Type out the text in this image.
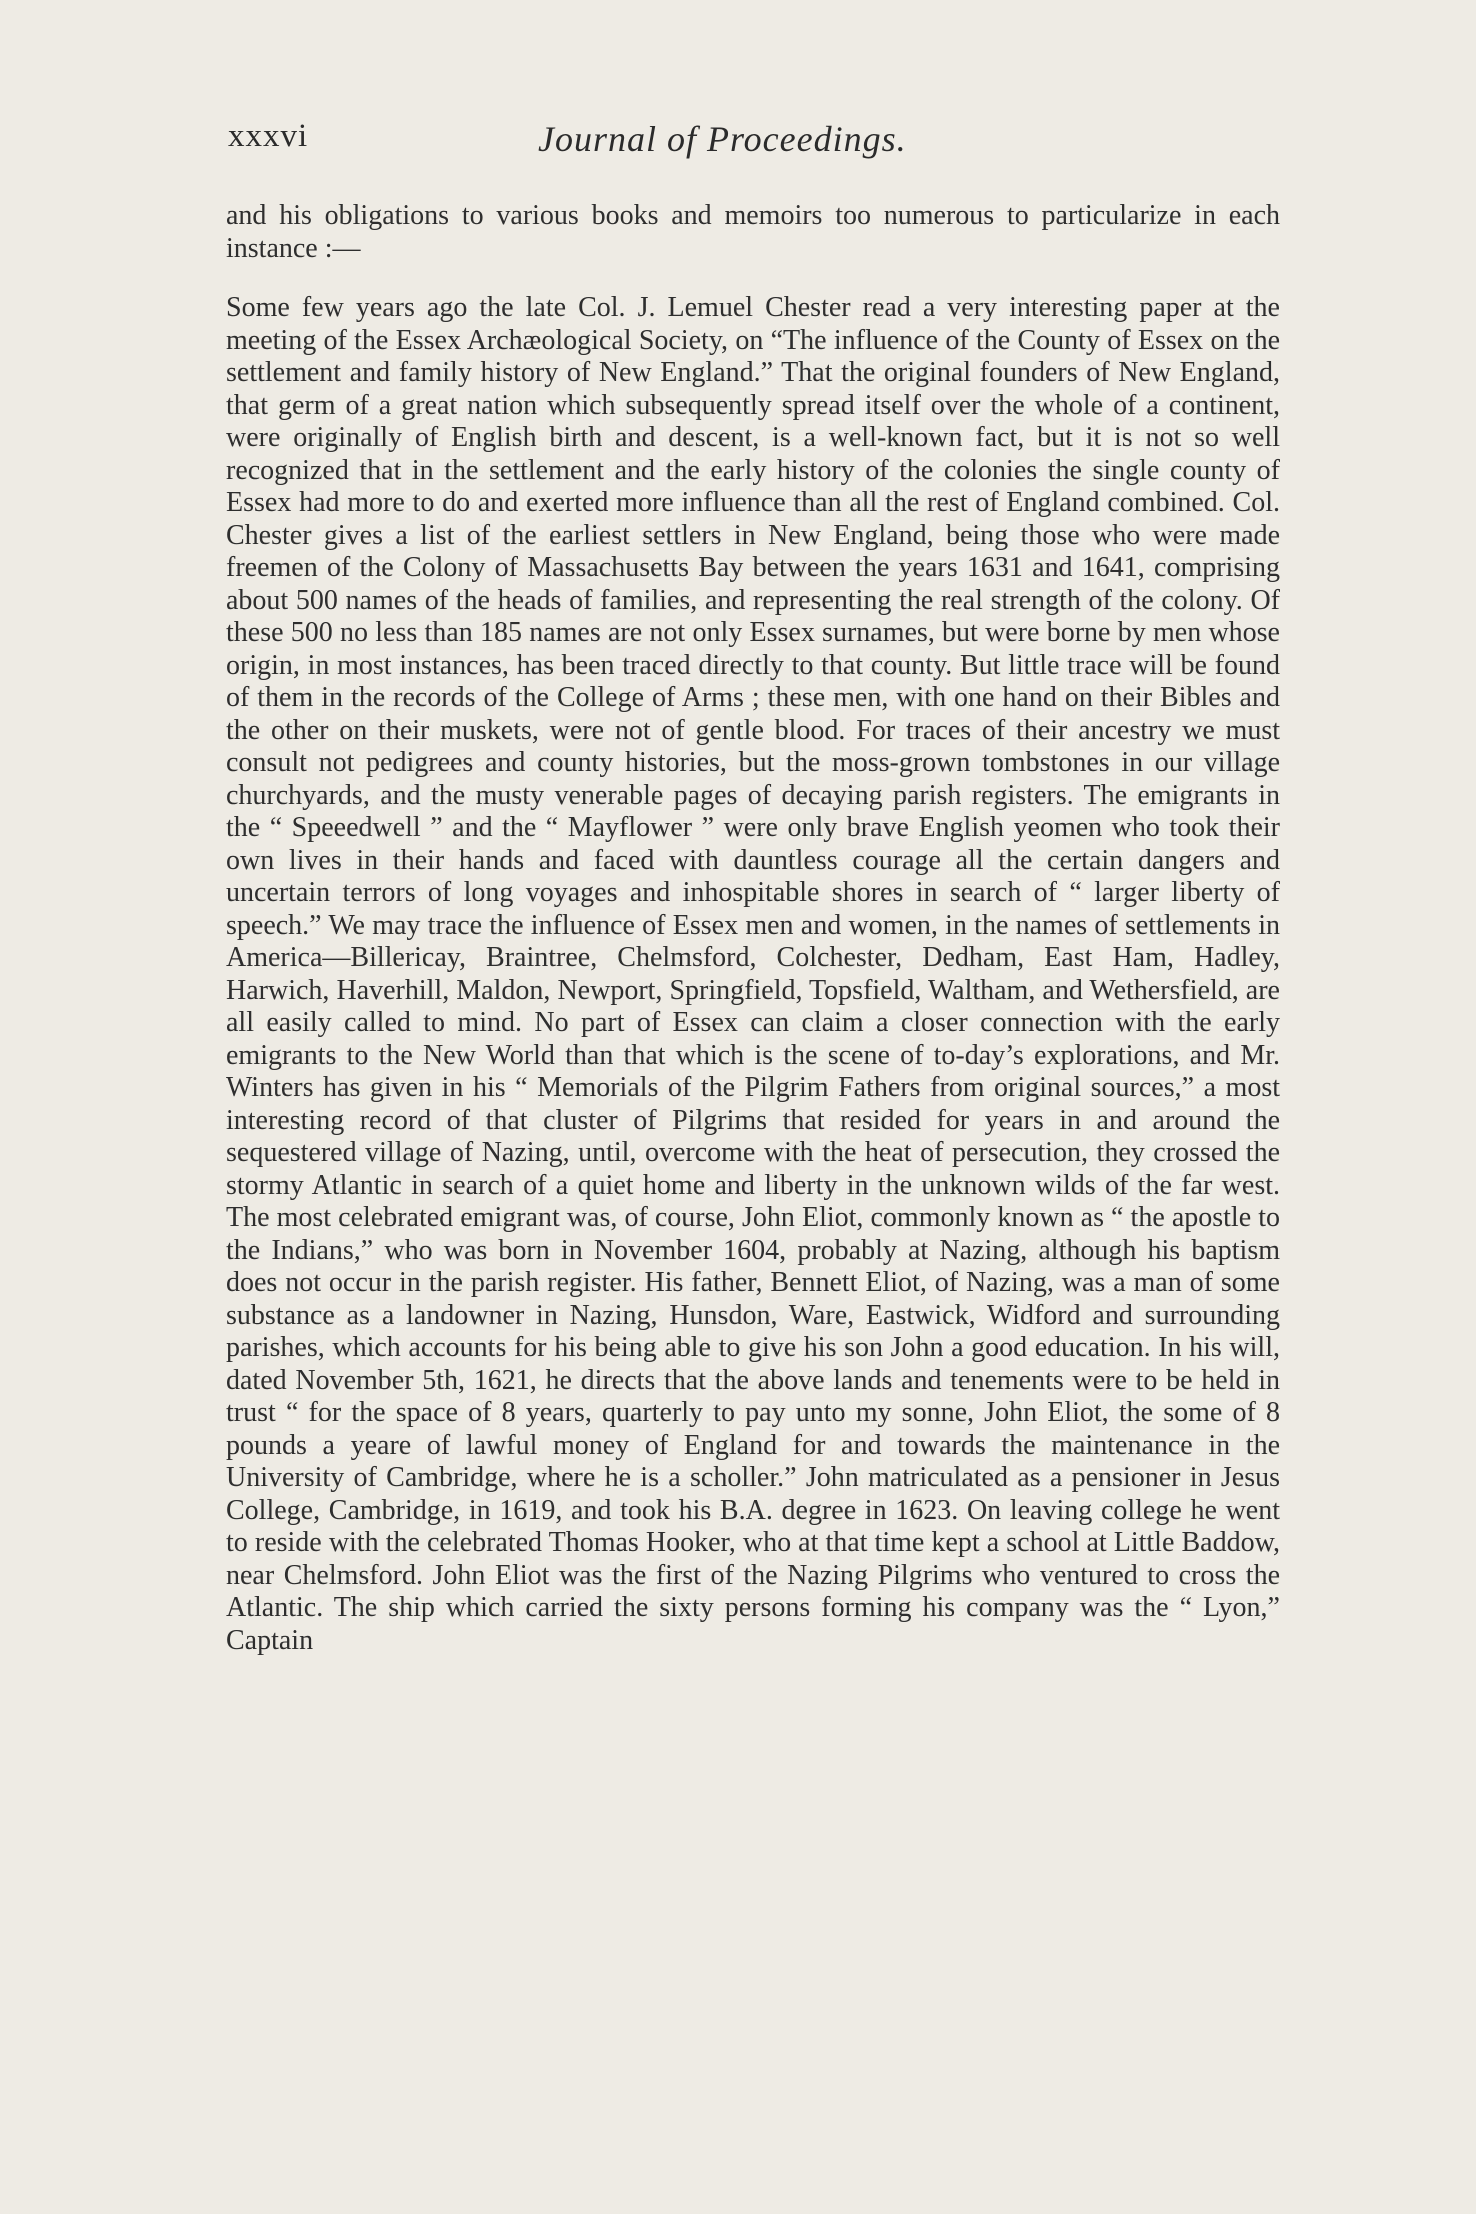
xxxvi	Journal of Proceedings.

and his obligations to various books and memoirs too numerous to particularize in each instance :—

Some few years ago the late Col. J. Lemuel Chester read a very interesting paper at the meeting of the Essex Archæological Society, on “The influence of the County of Essex on the settlement and family history of New England.” That the original founders of New England, that germ of a great nation which subsequently spread itself over the whole of a continent, were originally of English birth and descent, is a well-known fact, but it is not so well recognized that in the settlement and the early history of the colonies the single county of Essex had more to do and exerted more influence than all the rest of England combined. Col. Chester gives a list of the earliest settlers in New England, being those who were made freemen of the Colony of Massachusetts Bay between the years 1631 and 1641, comprising about 500 names of the heads of families, and representing the real strength of the colony. Of these 500 no less than 185 names are not only Essex surnames, but were borne by men whose origin, in most instances, has been traced directly to that county. But little trace will be found of them in the records of the College of Arms ; these men, with one hand on their Bibles and the other on their muskets, were not of gentle blood. For traces of their ancestry we must consult not pedigrees and county histories, but the moss-grown tombstones in our village churchyards, and the musty venerable pages of decaying parish registers. The emigrants in the “ Speeedwell ” and the “ Mayflower ” were only brave English yeomen who took their own lives in their hands and faced with dauntless courage all the certain dangers and uncertain terrors of long voyages and inhospitable shores in search of “ larger liberty of speech.” We may trace the influence of Essex men and women, in the names of settlements in America—Billericay, Braintree, Chelmsford, Colchester, Dedham, East Ham, Hadley, Harwich, Haverhill, Maldon, Newport, Springfield, Topsfield, Waltham, and Wethersfield, are all easily called to mind. No part of Essex can claim a closer connection with the early emigrants to the New World than that which is the scene of to-day’s explorations, and Mr. Winters has given in his “ Memorials of the Pilgrim Fathers from original sources,” a most interesting record of that cluster of Pilgrims that resided for years in and around the sequestered village of Nazing, until, overcome with the heat of persecution, they crossed the stormy Atlantic in search of a quiet home and liberty in the unknown wilds of the far west. The most celebrated emigrant was, of course, John Eliot, commonly known as “ the apostle to the Indians,” who was born in November 1604, probably at Nazing, although his baptism does not occur in the parish register. His father, Bennett Eliot, of Nazing, was a man of some substance as a landowner in Nazing, Hunsdon, Ware, Eastwick, Widford and surrounding parishes, which accounts for his being able to give his son John a good education. In his will, dated November 5th, 1621, he directs that the above lands and tenements were to be held in trust “ for the space of 8 years, quarterly to pay unto my sonne, John Eliot, the some of 8 pounds a yeare of lawful money of England for and towards the maintenance in the University of Cambridge, where he is a scholler.” John matriculated as a pensioner in Jesus College, Cambridge, in 1619, and took his B.A. degree in 1623. On leaving college he went to reside with the celebrated Thomas Hooker, who at that time kept a school at Little Baddow, near Chelmsford. John Eliot was the first of the Nazing Pilgrims who ventured to cross the Atlantic. The ship which carried the sixty persons forming his company was the “ Lyon,” Captain
